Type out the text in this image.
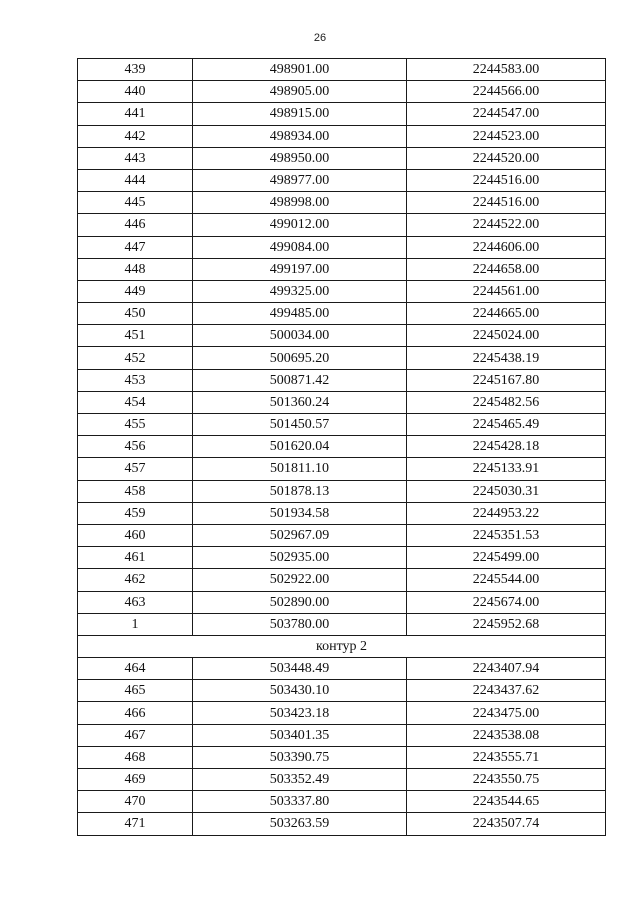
26
439	498901.00	2244583.00
440	498905.00	2244566.00
441	498915.00	2244547.00
442	498934.00	2244523.00
443	498950.00	2244520.00
444	498977.00	2244516.00
445	498998.00	2244516.00
446	499012.00	2244522.00
447	499084.00	2244606.00
448	499197.00	2244658.00
449	499325.00	2244561.00
450	499485.00	2244665.00
451	500034.00	2245024.00
452	500695.20	2245438.19
453	500871.42	2245167.80
454	501360.24	2245482.56
455	501450.57	2245465.49
456	501620.04	2245428.18
457	501811.10	2245133.91
458	501878.13	2245030.31
459	501934.58	2244953.22
460	502967.09	2245351.53
461	502935.00	2245499.00
462	502922.00	2245544.00
463	502890.00	2245674.00
1	503780.00	2245952.68
контур 2		
464	503448.49	2243407.94
465	503430.10	2243437.62
466	503423.18	2243475.00
467	503401.35	2243538.08
468	503390.75	2243555.71
469	503352.49	2243550.75
470	503337.80	2243544.65
471	503263.59	2243507.74
